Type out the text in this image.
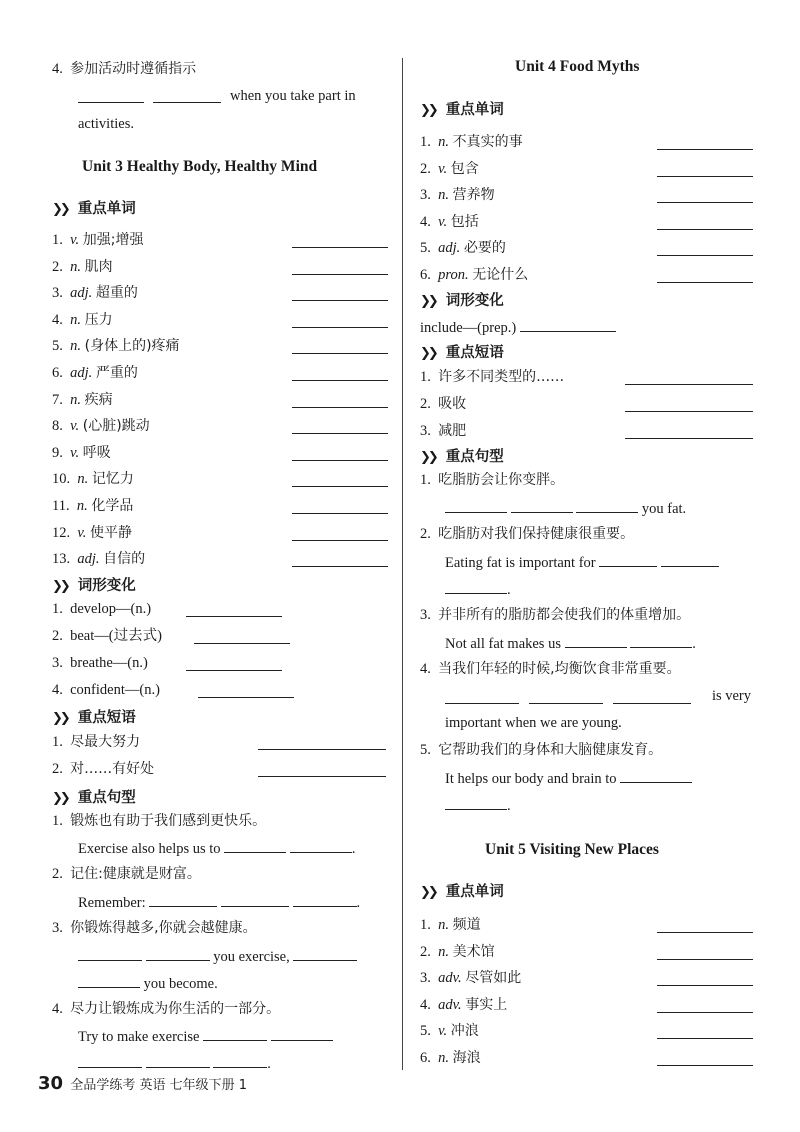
4. 参加活动时遵循指示
when you take part in
activities.
Unit 3 Healthy Body, Healthy Mind
❯❯ 重点单词
1. v. 加强;增强
2. n. 肌肉
3. adj. 超重的
4. n. 压力
5. n. (身体上的)疼痛
6. adj. 严重的
7. n. 疾病
8. v. (心脏)跳动
9. v. 呼吸
10. n. 记忆力
11. n. 化学品
12. v. 使平静
13. adj. 自信的
❯❯ 词形变化
1. develop—(n.)
2. beat—(过去式)
3. breathe—(n.)
4. confident—(n.)
❯❯ 重点短语
1. 尽最大努力
2. 对……有好处
❯❯ 重点句型
1. 锻炼也有助于我们感到更快乐。
Exercise also helps us to	.
2. 记住:健康就是财富。
Remember:	.
3. 你锻炼得越多,你就会越健康。
you exercise,
you become.
4. 尽力让锻炼成为你生活的一部分。
Try to make exercise
.
Unit 4 Food Myths
❯❯ 重点单词
1. n. 不真实的事
2. v. 包含
3. n. 营养物
4. v. 包括
5. adj. 必要的
6. pron. 无论什么
❯❯ 词形变化
include—(prep.)
❯❯ 重点短语
1. 许多不同类型的……
2. 吸收
3. 减肥
❯❯ 重点句型
1. 吃脂肪会让你变胖。
you fat.
2. 吃脂肪对我们保持健康很重要。
Eating fat is important for
.
3. 并非所有的脂肪都会使我们的体重增加。
Not all fat makes us	.
4. 当我们年轻的时候,均衡饮食非常重要。
is very
important when we are young.
5. 它帮助我们的身体和大脑健康发育。
It helps our body and brain to
.
Unit 5 Visiting New Places
❯❯ 重点单词
1. n. 频道
2. n. 美术馆
3. adv. 尽管如此
4. adv. 事实上
5. v. 冲浪
6. n. 海浪
30 全品学练考 英语 七年级下册 1
